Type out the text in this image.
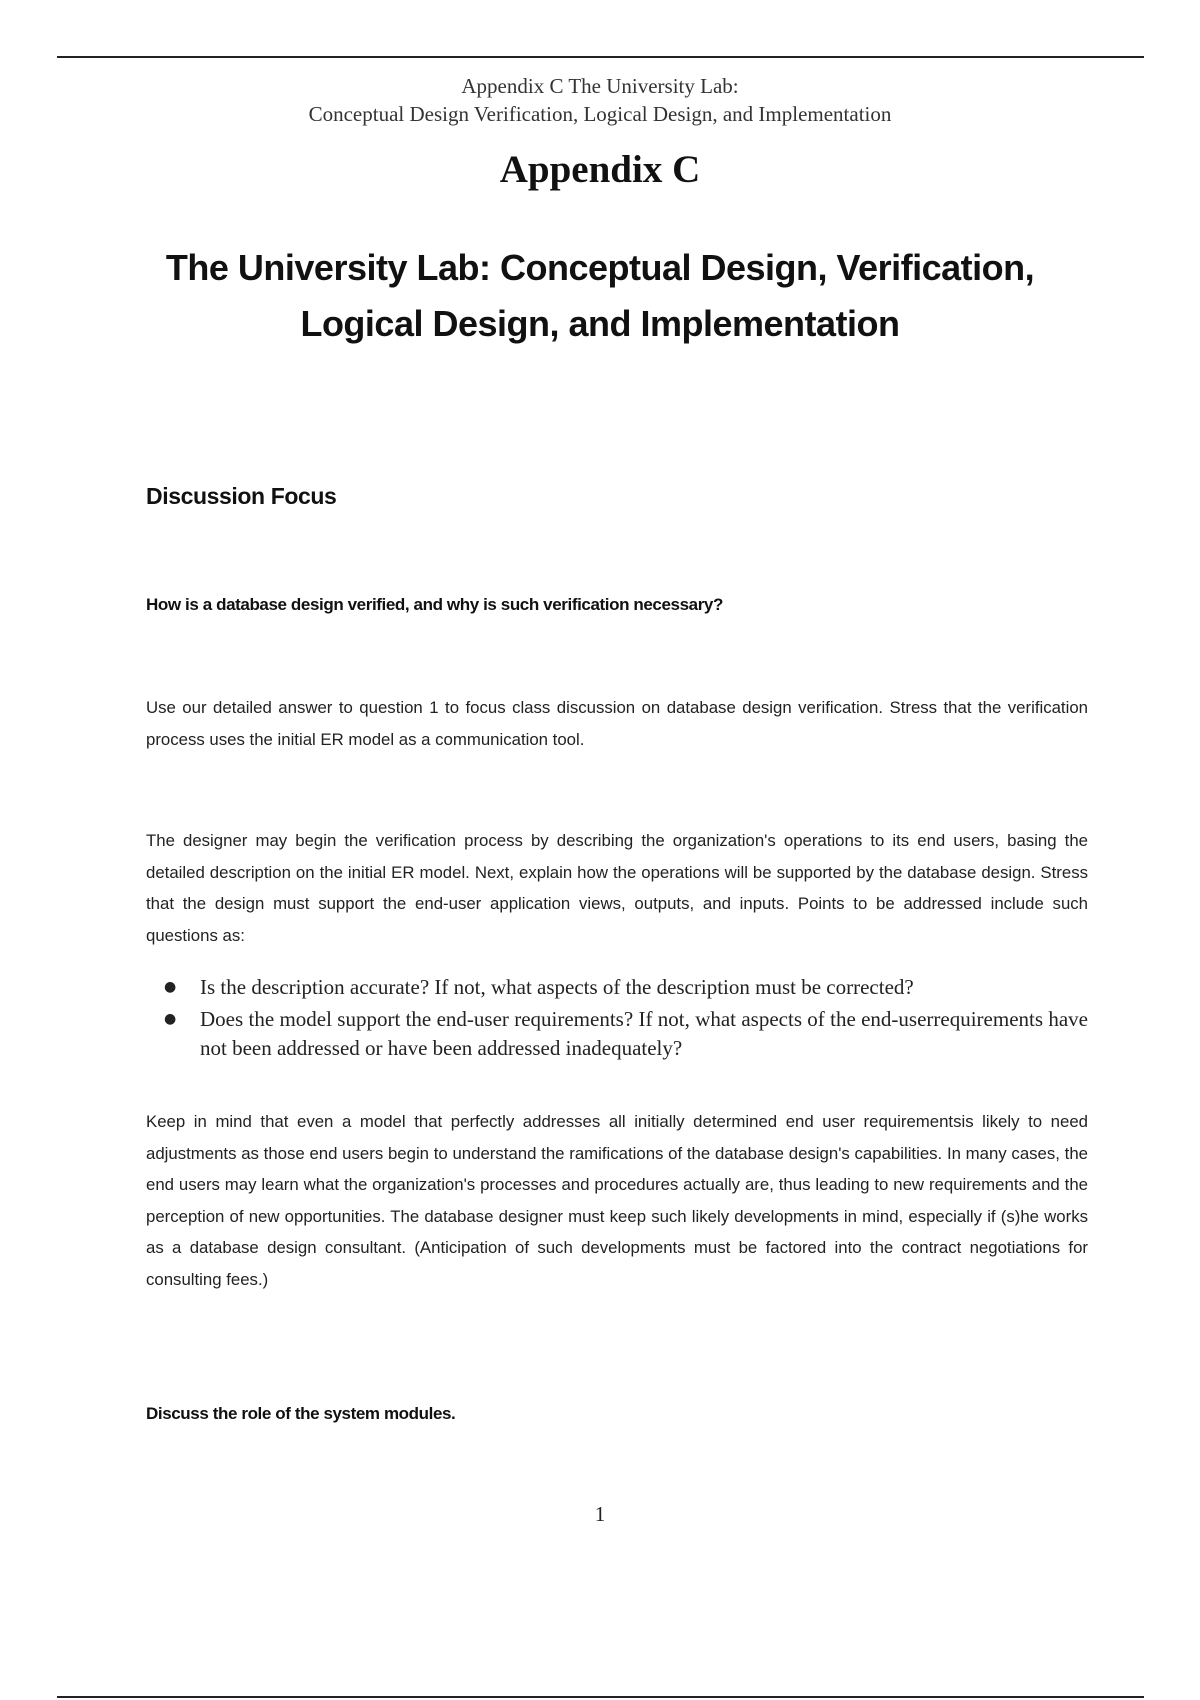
Appendix C The University Lab:
Conceptual Design Verification, Logical Design, and Implementation
Appendix C
The University Lab: Conceptual Design, Verification,
Logical Design, and Implementation
Discussion Focus
How is a database design verified, and why is such verification necessary?
Use our detailed answer to question 1 to focus class discussion on database design verification. Stress that the verification process uses the initial ER model as a communication tool.
The designer may begin the verification process by describing the organization's operations to its end users, basing the detailed description on the initial ER model. Next, explain how the operations will be supported by the database design. Stress that the design must support the end-user application views, outputs, and inputs. Points to be addressed include such questions as:
● Is the description accurate? If not, what aspects of the description must be corrected?
● Does the model support the end-user requirements? If not, what aspects of the end-userrequirements have not been addressed or have been addressed inadequately?
Keep in mind that even a model that perfectly addresses all initially determined end user requirementsis likely to need adjustments as those end users begin to understand the ramifications of the database design's capabilities. In many cases, the end users may learn what the organization's processes and procedures actually are, thus leading to new requirements and the perception of new opportunities. The database designer must keep such likely developments in mind, especially if (s)he works as a database design consultant. (Anticipation of such developments must be factored into the contract negotiations for consulting fees.)
Discuss the role of the system modules.
1
